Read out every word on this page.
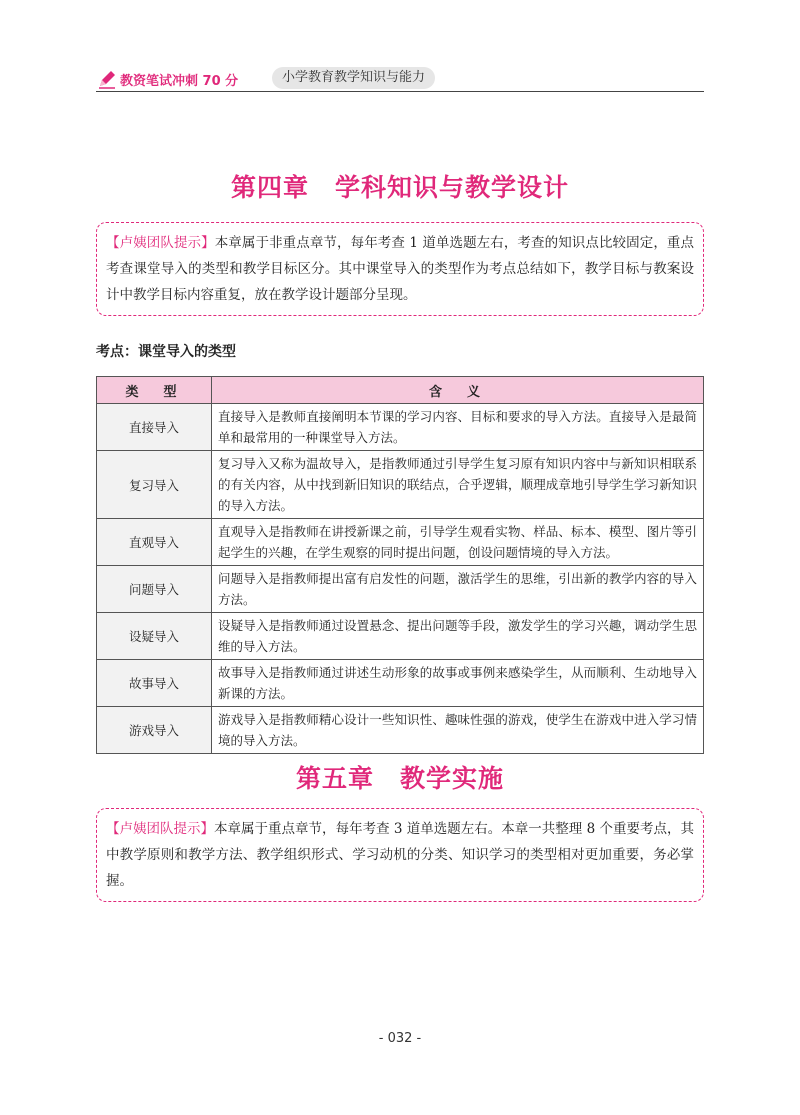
教资笔试冲刺 70 分	小学教育教学知识与能力
第四章　学科知识与教学设计
【卢姨团队提示】本章属于非重点章节，每年考查 1 道单选题左右，考查的知识点比较固定，重点考查课堂导入的类型和教学目标区分。其中课堂导入的类型作为考点总结如下，教学目标与教案设计中教学目标内容重复，放在教学设计题部分呈现。
考点：课堂导入的类型
类　型	含　义
直接导入	直接导入是教师直接阐明本节课的学习内容、目标和要求的导入方法。直接导入是最简单和最常用的一种课堂导入方法。
复习导入	复习导入又称为温故导入，是指教师通过引导学生复习原有知识内容中与新知识相联系的有关内容，从中找到新旧知识的联结点，合乎逻辑，顺理成章地引导学生学习新知识的导入方法。
直观导入	直观导入是指教师在讲授新课之前，引导学生观看实物、样品、标本、模型、图片等引起学生的兴趣，在学生观察的同时提出问题，创设问题情境的导入方法。
问题导入	问题导入是指教师提出富有启发性的问题，激活学生的思维，引出新的教学内容的导入方法。
设疑导入	设疑导入是指教师通过设置悬念、提出问题等手段，激发学生的学习兴趣，调动学生思维的导入方法。
故事导入	故事导入是指教师通过讲述生动形象的故事或事例来感染学生，从而顺利、生动地导入新课的方法。
游戏导入	游戏导入是指教师精心设计一些知识性、趣味性强的游戏，使学生在游戏中进入学习情境的导入方法。
第五章　教学实施
【卢姨团队提示】本章属于重点章节，每年考查 3 道单选题左右。本章一共整理 8 个重要考点，其中教学原则和教学方法、教学组织形式、学习动机的分类、知识学习的类型相对更加重要，务必掌握。
- 032 -
